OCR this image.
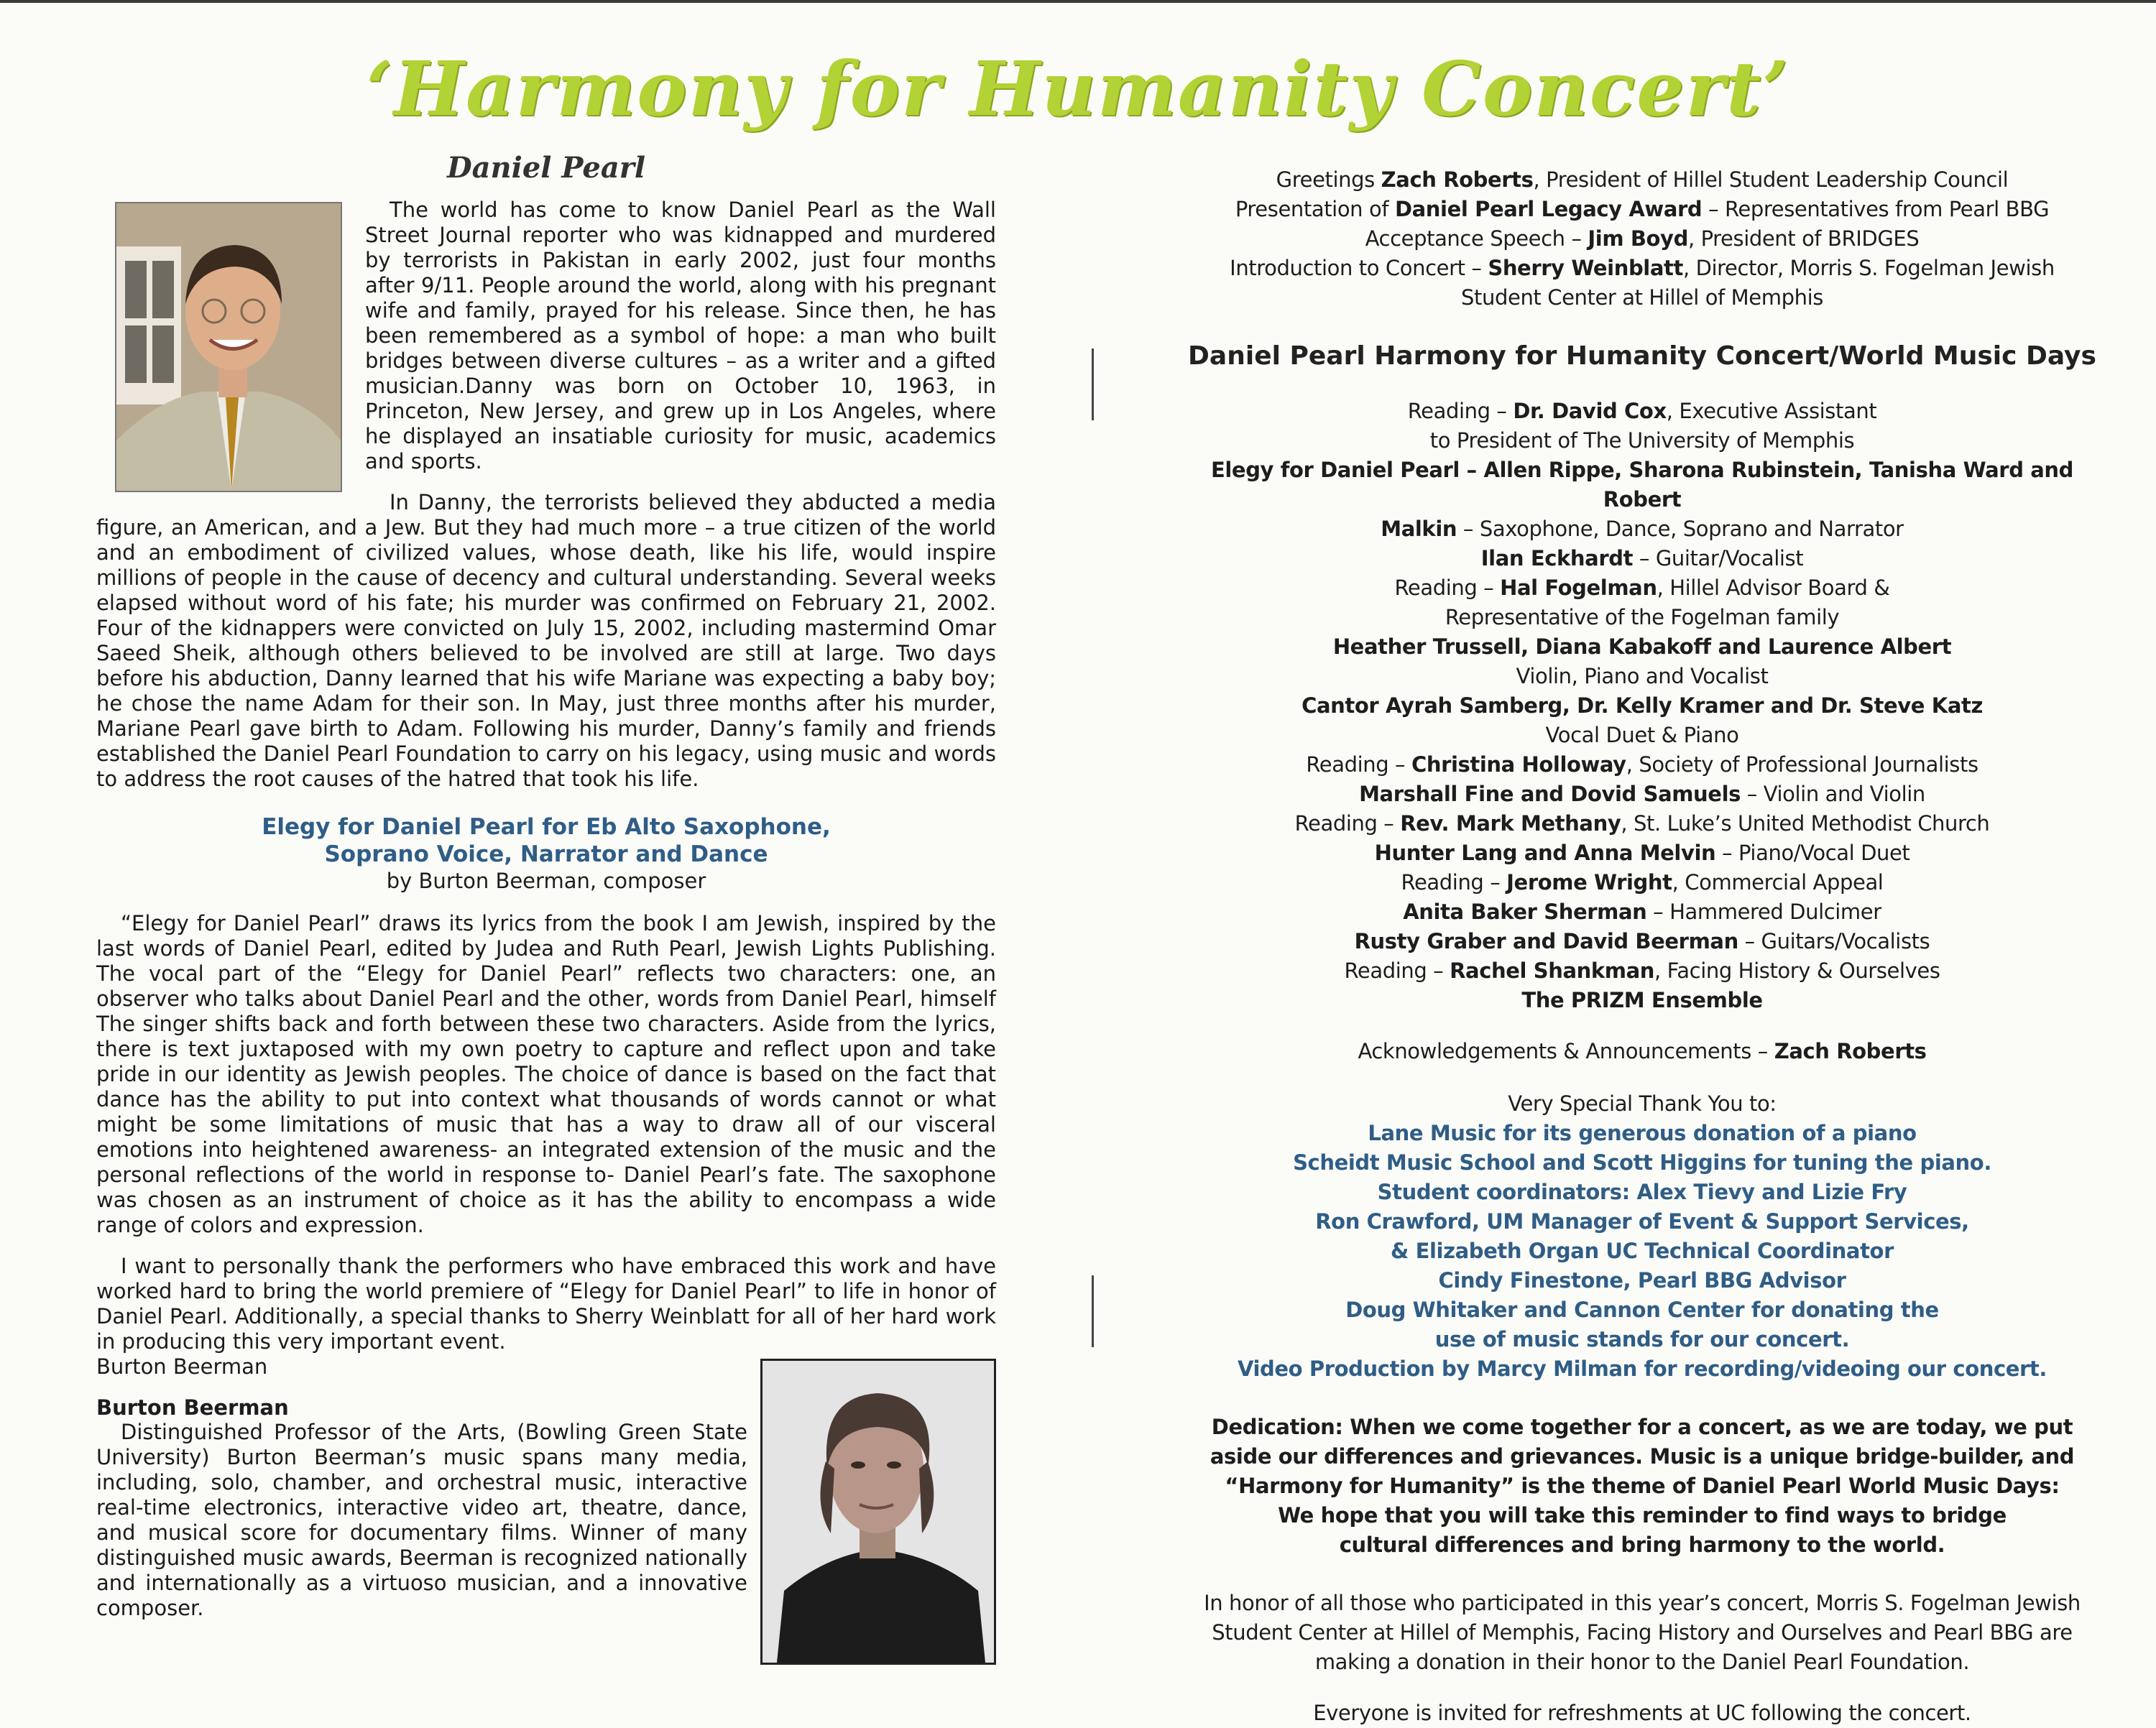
‘Harmony for Humanity Concert’
Daniel Pearl

The world has come to know Daniel Pearl as the Wall Street Journal reporter who was kidnapped and murdered by terrorists in Pakistan in early 2002, just four months after 9/11. People around the world, along with his pregnant wife and family, prayed for his release. Since then, he has been remembered as a symbol of hope: a man who built bridges between diverse cultures – as a writer and a gifted musician.Danny was born on October 10, 1963, in Princeton, New Jersey, and grew up in Los Angeles, where he displayed an insatiable curiosity for music, academics and sports.

In Danny, the terrorists believed they abducted a media figure, an American, and a Jew. But they had much more – a true citizen of the world and an embodiment of civilized values, whose death, like his life, would inspire millions of people in the cause of decency and cultural understanding. Several weeks elapsed without word of his fate; his murder was confirmed on February 21, 2002. Four of the kidnappers were convicted on July 15, 2002, including mastermind Omar Saeed Sheik, although others believed to be involved are still at large. Two days before his abduction, Danny learned that his wife Mariane was expecting a baby boy; he chose the name Adam for their son. In May, just three months after his murder, Mariane Pearl gave birth to Adam. Following his murder, Danny’s family and friends established the Daniel Pearl Foundation to carry on his legacy, using music and words to address the root causes of the hatred that took his life.

Elegy for Daniel Pearl for Eb Alto Saxophone,
Soprano Voice, Narrator and Dance
by Burton Beerman, composer

“Elegy for Daniel Pearl” draws its lyrics from the book I am Jewish, inspired by the last words of Daniel Pearl, edited by Judea and Ruth Pearl, Jewish Lights Publishing. The vocal part of the “Elegy for Daniel Pearl” reflects two characters: one, an observer who talks about Daniel Pearl and the other, words from Daniel Pearl, himself The singer shifts back and forth between these two characters. Aside from the lyrics, there is text juxtaposed with my own poetry to capture and reflect upon and take pride in our identity as Jewish peoples. The choice of dance is based on the fact that dance has the ability to put into context what thousands of words cannot or what might be some limitations of music that has a way to draw all of our visceral emotions into heightened awareness- an integrated extension of the music and the personal reflections of the world in response to- Daniel Pearl’s fate. The saxophone was chosen as an instrument of choice as it has the ability to encompass a wide range of colors and expression.

I want to personally thank the performers who have embraced this work and have worked hard to bring the world premiere of “Elegy for Daniel Pearl” to life in honor of Daniel Pearl. Additionally, a special thanks to Sherry Weinblatt for all of her hard work in producing this very important event.

Burton Beerman
Burton Beerman

Distinguished Professor of the Arts, (Bowling Green State University) Burton Beerman’s music spans many media, including, solo, chamber, and orchestral music, interactive real-time electronics, interactive video art, theatre, dance, and musical score for documentary films. Winner of many distinguished music awards, Beerman is recognized nationally and internationally as a virtuoso musician, and a innovative composer.

Greetings Zach Roberts, President of Hillel Student Leadership Council
Presentation of Daniel Pearl Legacy Award – Representatives from Pearl BBG
Acceptance Speech – Jim Boyd, President of BRIDGES
Introduction to Concert – Sherry Weinblatt, Director, Morris S. Fogelman Jewish
Student Center at Hillel of Memphis
Daniel Pearl Harmony for Humanity Concert/World Music Days
Reading – Dr. David Cox, Executive Assistant
to President of The University of Memphis
Elegy for Daniel Pearl – Allen Rippe, Sharona Rubinstein, Tanisha Ward and Robert
Malkin – Saxophone, Dance, Soprano and Narrator
Ilan Eckhardt – Guitar/Vocalist
Reading – Hal Fogelman, Hillel Advisor Board &
Representative of the Fogelman family
Heather Trussell, Diana Kabakoff and Laurence Albert
Violin, Piano and Vocalist
Cantor Ayrah Samberg, Dr. Kelly Kramer and Dr. Steve Katz
Vocal Duet & Piano
Reading – Christina Holloway, Society of Professional Journalists
Marshall Fine and Dovid Samuels – Violin and Violin
Reading – Rev. Mark Methany, St. Luke’s United Methodist Church
Hunter Lang and Anna Melvin – Piano/Vocal Duet
Reading – Jerome Wright, Commercial Appeal
Anita Baker Sherman – Hammered Dulcimer
Rusty Graber and David Beerman – Guitars/Vocalists
Reading – Rachel Shankman, Facing History & Ourselves
The PRIZM Ensemble
Acknowledgements & Announcements – Zach Roberts
Very Special Thank You to:
Lane Music for its generous donation of a piano
Scheidt Music School and Scott Higgins for tuning the piano.
Student coordinators: Alex Tievy and Lizie Fry
Ron Crawford, UM Manager of Event & Support Services,
& Elizabeth Organ UC Technical Coordinator
Cindy Finestone, Pearl BBG Advisor
Doug Whitaker and Cannon Center for donating the
use of music stands for our concert.
Video Production by Marcy Milman for recording/videoing our concert.
Dedication: When we come together for a concert, as we are today, we put
aside our differences and grievances. Music is a unique bridge-builder, and
“Harmony for Humanity” is the theme of Daniel Pearl World Music Days:
We hope that you will take this reminder to find ways to bridge
cultural differences and bring harmony to the world.
In honor of all those who participated in this year’s concert, Morris S. Fogelman Jewish
Student Center at Hillel of Memphis, Facing History and Ourselves and Pearl BBG are
making a donation in their honor to the Daniel Pearl Foundation.
Everyone is invited for refreshments at UC following the concert.
